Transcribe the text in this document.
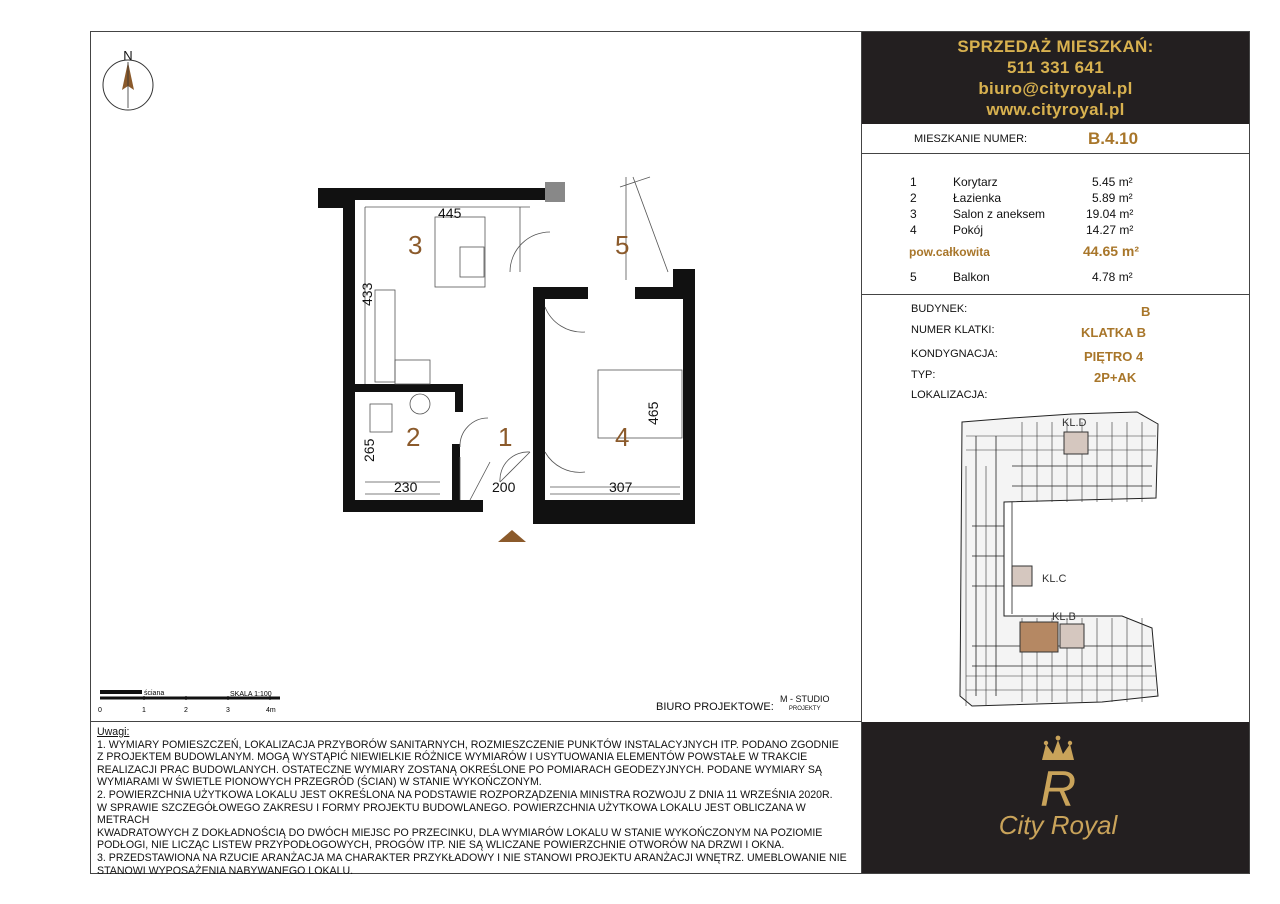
SPRZEDAŻ MIESZKAŃ:
511 331 641
biuro@cityroyal.pl
www.cityroyal.pl
MIESZKANIE NUMER:	B.4.10
1	Korytarz	5.45 m²
2	Łazienka	5.89 m²
3	Salon z aneksem	19.04 m²
4	Pokój	14.27 m²
pow.całkowita	44.65 m²
5	Balkon	4.78 m²
BUDYNEK:	B
NUMER KLATKI:	KLATKA B
KONDYGNACJA:	PIĘTRO 4
TYP:	2P+AK
LOKALIZACJA:
KL.D
KL.C
KL.B
R
City Royal
N
3	5
2	1	4
445
433
465
265
230	200	307
ściana	SKALA 1:100
0	1	2	3	4m	BIURO PROJEKTOWE:
M - STUDIO
PROJEKTY
Uwagi:
1. WYMIARY POMIESZCZEŃ, LOKALIZACJA PRZYBORÓW SANITARNYCH, ROZMIESZCZENIE PUNKTÓW INSTALACYJNYCH ITP. PODANO ZGODNIE
Z PROJEKTEM BUDOWLANYM. MOGĄ WYSTĄPIĆ NIEWIELKIE RÓŻNICE WYMIARÓW I USYTUOWANIA ELEMENTÓW POWSTAŁE W TRAKCIE
REALIZACJI PRAC BUDOWLANYCH. OSTATECZNE WYMIARY ZOSTANĄ OKREŚLONE PO POMIARACH GEODEZYJNYCH. PODANE WYMIARY SĄ
WYMIARAMI W ŚWIETLE PIONOWYCH PRZEGRÓD (ŚCIAN) W STANIE WYKOŃCZONYM.
2. POWIERZCHNIA UŻYTKOWA LOKALU JEST OKREŚLONA NA PODSTAWIE ROZPORZĄDZENIA MINISTRA ROZWOJU Z DNIA 11 WRZEŚNIA 2020R.
W SPRAWIE SZCZEGÓŁOWEGO ZAKRESU I FORMY PROJEKTU BUDOWLANEGO. POWIERZCHNIA UŻYTKOWA LOKALU JEST OBLICZANA W METRACH
KWADRATOWYCH Z DOKŁADNOŚCIĄ DO DWÓCH MIEJSC PO PRZECINKU, DLA WYMIARÓW LOKALU W STANIE WYKOŃCZONYM NA POZIOMIE
PODŁOGI, NIE LICZĄC LISTEW PRZYPODŁOGOWYCH, PROGÓW ITP. NIE SĄ WLICZANE POWIERZCHNIE OTWORÓW NA DRZWI I OKNA.
3. PRZEDSTAWIONA NA RZUCIE ARANŻACJA MA CHARAKTER PRZYKŁADOWY I NIE STANOWI PROJEKTU ARANŻACJI WNĘTRZ. UMEBLOWANIE NIE
STANOWI WYPOSAŻENIA NABYWANEGO LOKALU.
